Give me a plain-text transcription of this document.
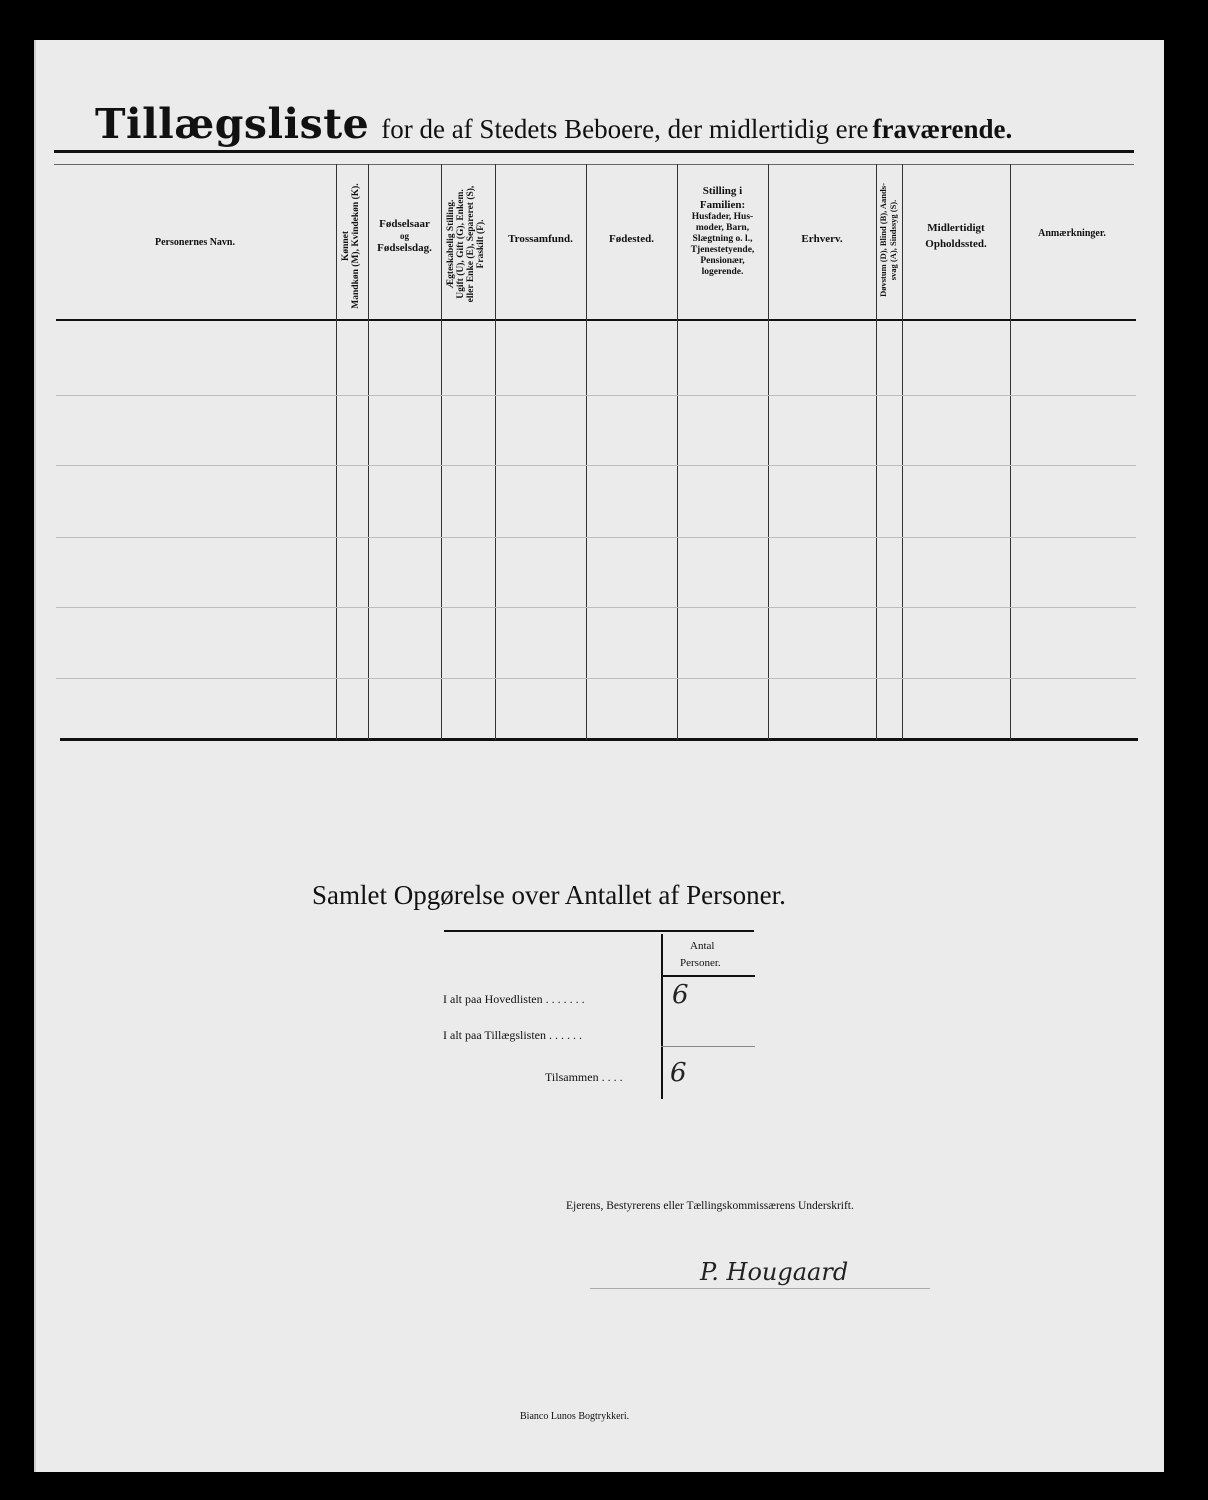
Tillægsliste for de af Stedets Beboere, der midlertidig ere fraværende.
Personernes Navn.	Kønnet Mandkøn (M), Kvindekøn (K).	Fødselsaar
og
Fødselsdag.	Ægteskabelig Stilling. Ugift (U), Gift (G), Enkem. eller Enke (E), Separeret (S), Fraskilt (F).	Trossamfund.	Fødested.
Stilling i
Familien:
Husfader, Hus-
moder, Barn,
Slægtning o. l.,
Tjenestetyende,
Pensionær,
logerende.
Erhverv.	Døvstum (D), Blind (B), Aands- svag (A), Sindssyg (S).	Midlertidigt
Opholdssted.
Anmærkninger.
Samlet Opgørelse over Antallet af Personer.
Antal
Personer.
I alt paa Hovedlisten . . . . . . .	6
I alt paa Tillægslisten . . . . . .
Tilsammen . . . . 6
Ejerens, Bestyrerens eller Tællingskommissærens Underskrift.
P. Hougaard
Bianco Lunos Bogtrykkeri.
